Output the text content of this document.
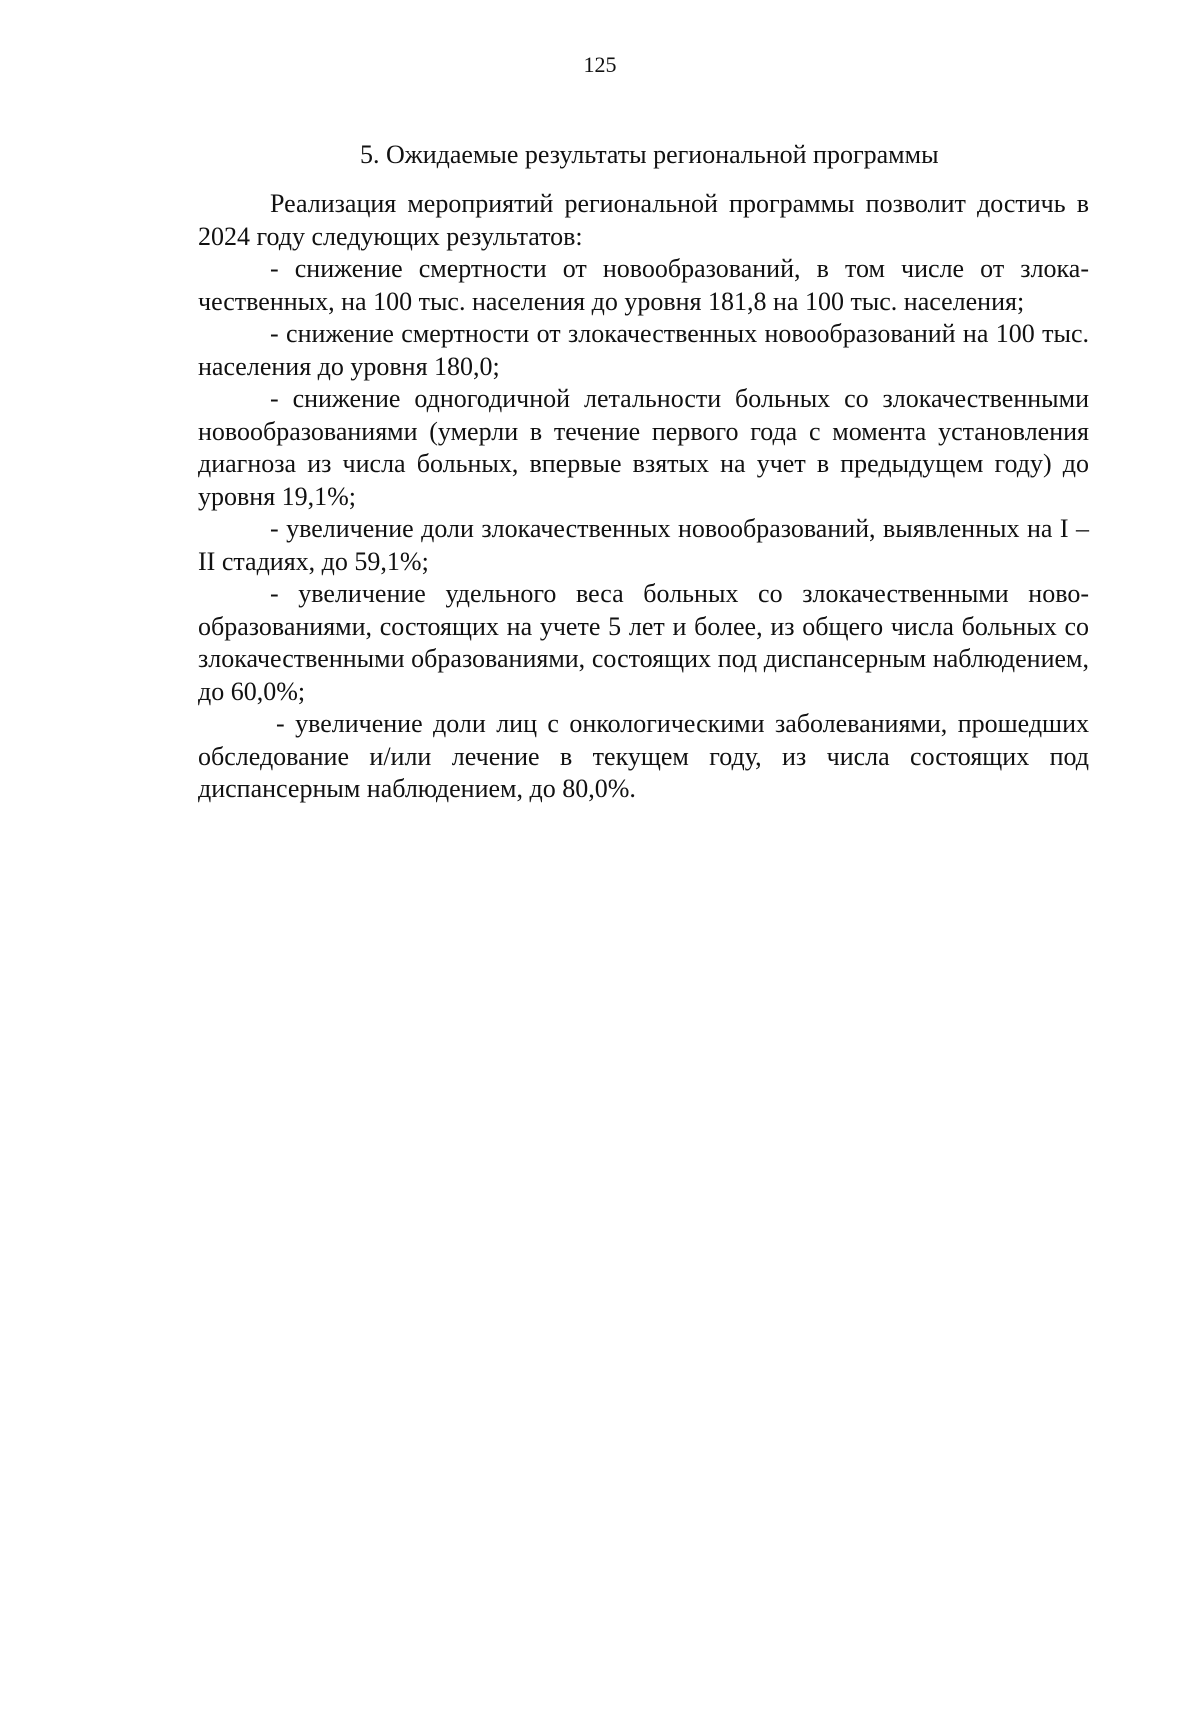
125
5. Ожидаемые результаты региональной программы

Реализация мероприятий региональной программы позволит достичь в 2024 году следующих результатов:

- снижение смертности от новообразований, в том числе от злокачественных, на 100 тыс. населения до уровня 181,8 на 100 тыс. населения;

- снижение смертности от злокачественных новообразований на 100 тыс. населения до уровня 180,0;

- снижение одногодичной летальности больных со злокачественными новообразованиями (умерли в течение первого года с момента установления диагноза из числа больных, впервые взятых на учет в предыдущем году) до уровня 19,1%;

- увеличение доли злокачественных новообразований, выявленных на I – II стадиях, до 59,1%;

- увеличение удельного веса больных со злокачественными новообразованиями, состоящих на учете 5 лет и более, из общего числа больных со злокачественными образованиями, состоящих под диспансерным наблюдением, до 60,0%;

- увеличение доли лиц с онкологическими заболеваниями, прошедших обследование и/или лечение в текущем году, из числа состоящих под диспансерным наблюдением, до 80,0%.
